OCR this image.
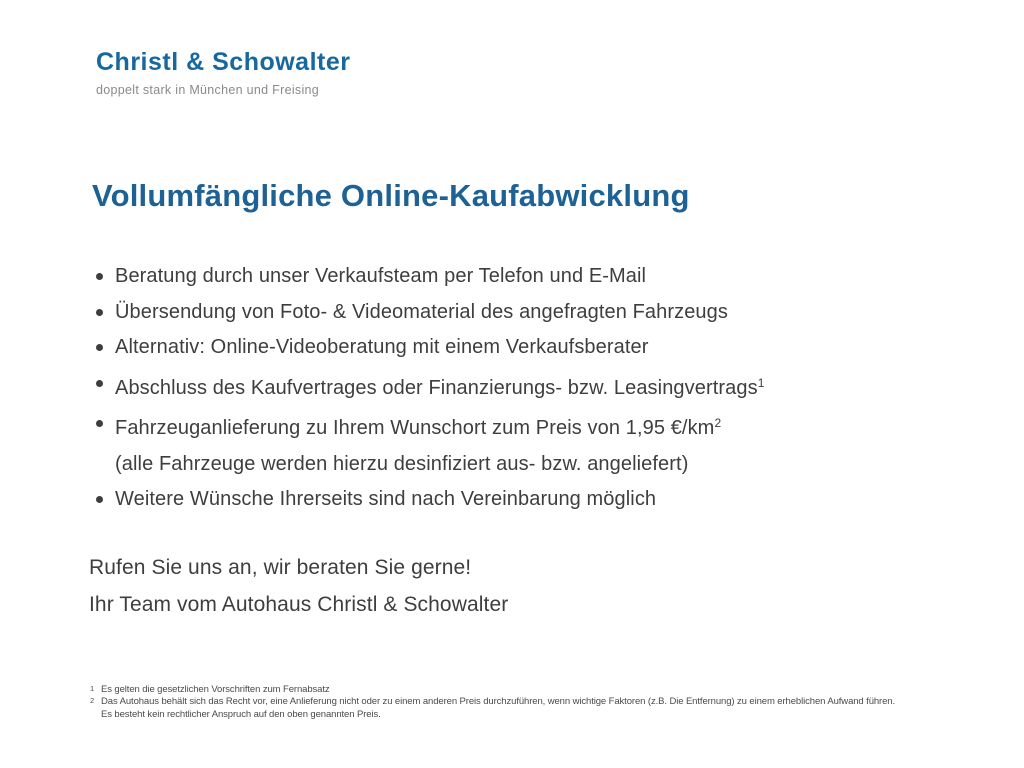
Christl & Schowalter
doppelt stark in München und Freising
Vollumfängliche Online-Kaufabwicklung
Beratung durch unser Verkaufsteam per Telefon und E-Mail
Übersendung von Foto- & Videomaterial des angefragten Fahrzeugs
Alternativ: Online-Videoberatung mit einem Verkaufsberater
Abschluss des Kaufvertrages oder Finanzierungs- bzw. Leasingvertrags$^1$
Fahrzeuganlieferung zu Ihrem Wunschort zum Preis von 1,95 €/km$^2$
(alle Fahrzeuge werden hierzu desinfiziert aus- bzw. angeliefert)
Weitere Wünsche Ihrerseits sind nach Vereinbarung möglich

Rufen Sie uns an, wir beraten Sie gerne!

Ihr Team vom Autohaus Christl & Schowalter

1 Es gelten die gesetzlichen Vorschriften zum Fernabsatz
2 Das Autohaus behält sich das Recht vor, eine Anlieferung nicht oder zu einem anderen Preis durchzuführen, wenn wichtige Faktoren (z.B. Die Entfernung) zu einem erheblichen Aufwand führen.
Es besteht kein rechtlicher Anspruch auf den oben genannten Preis.
